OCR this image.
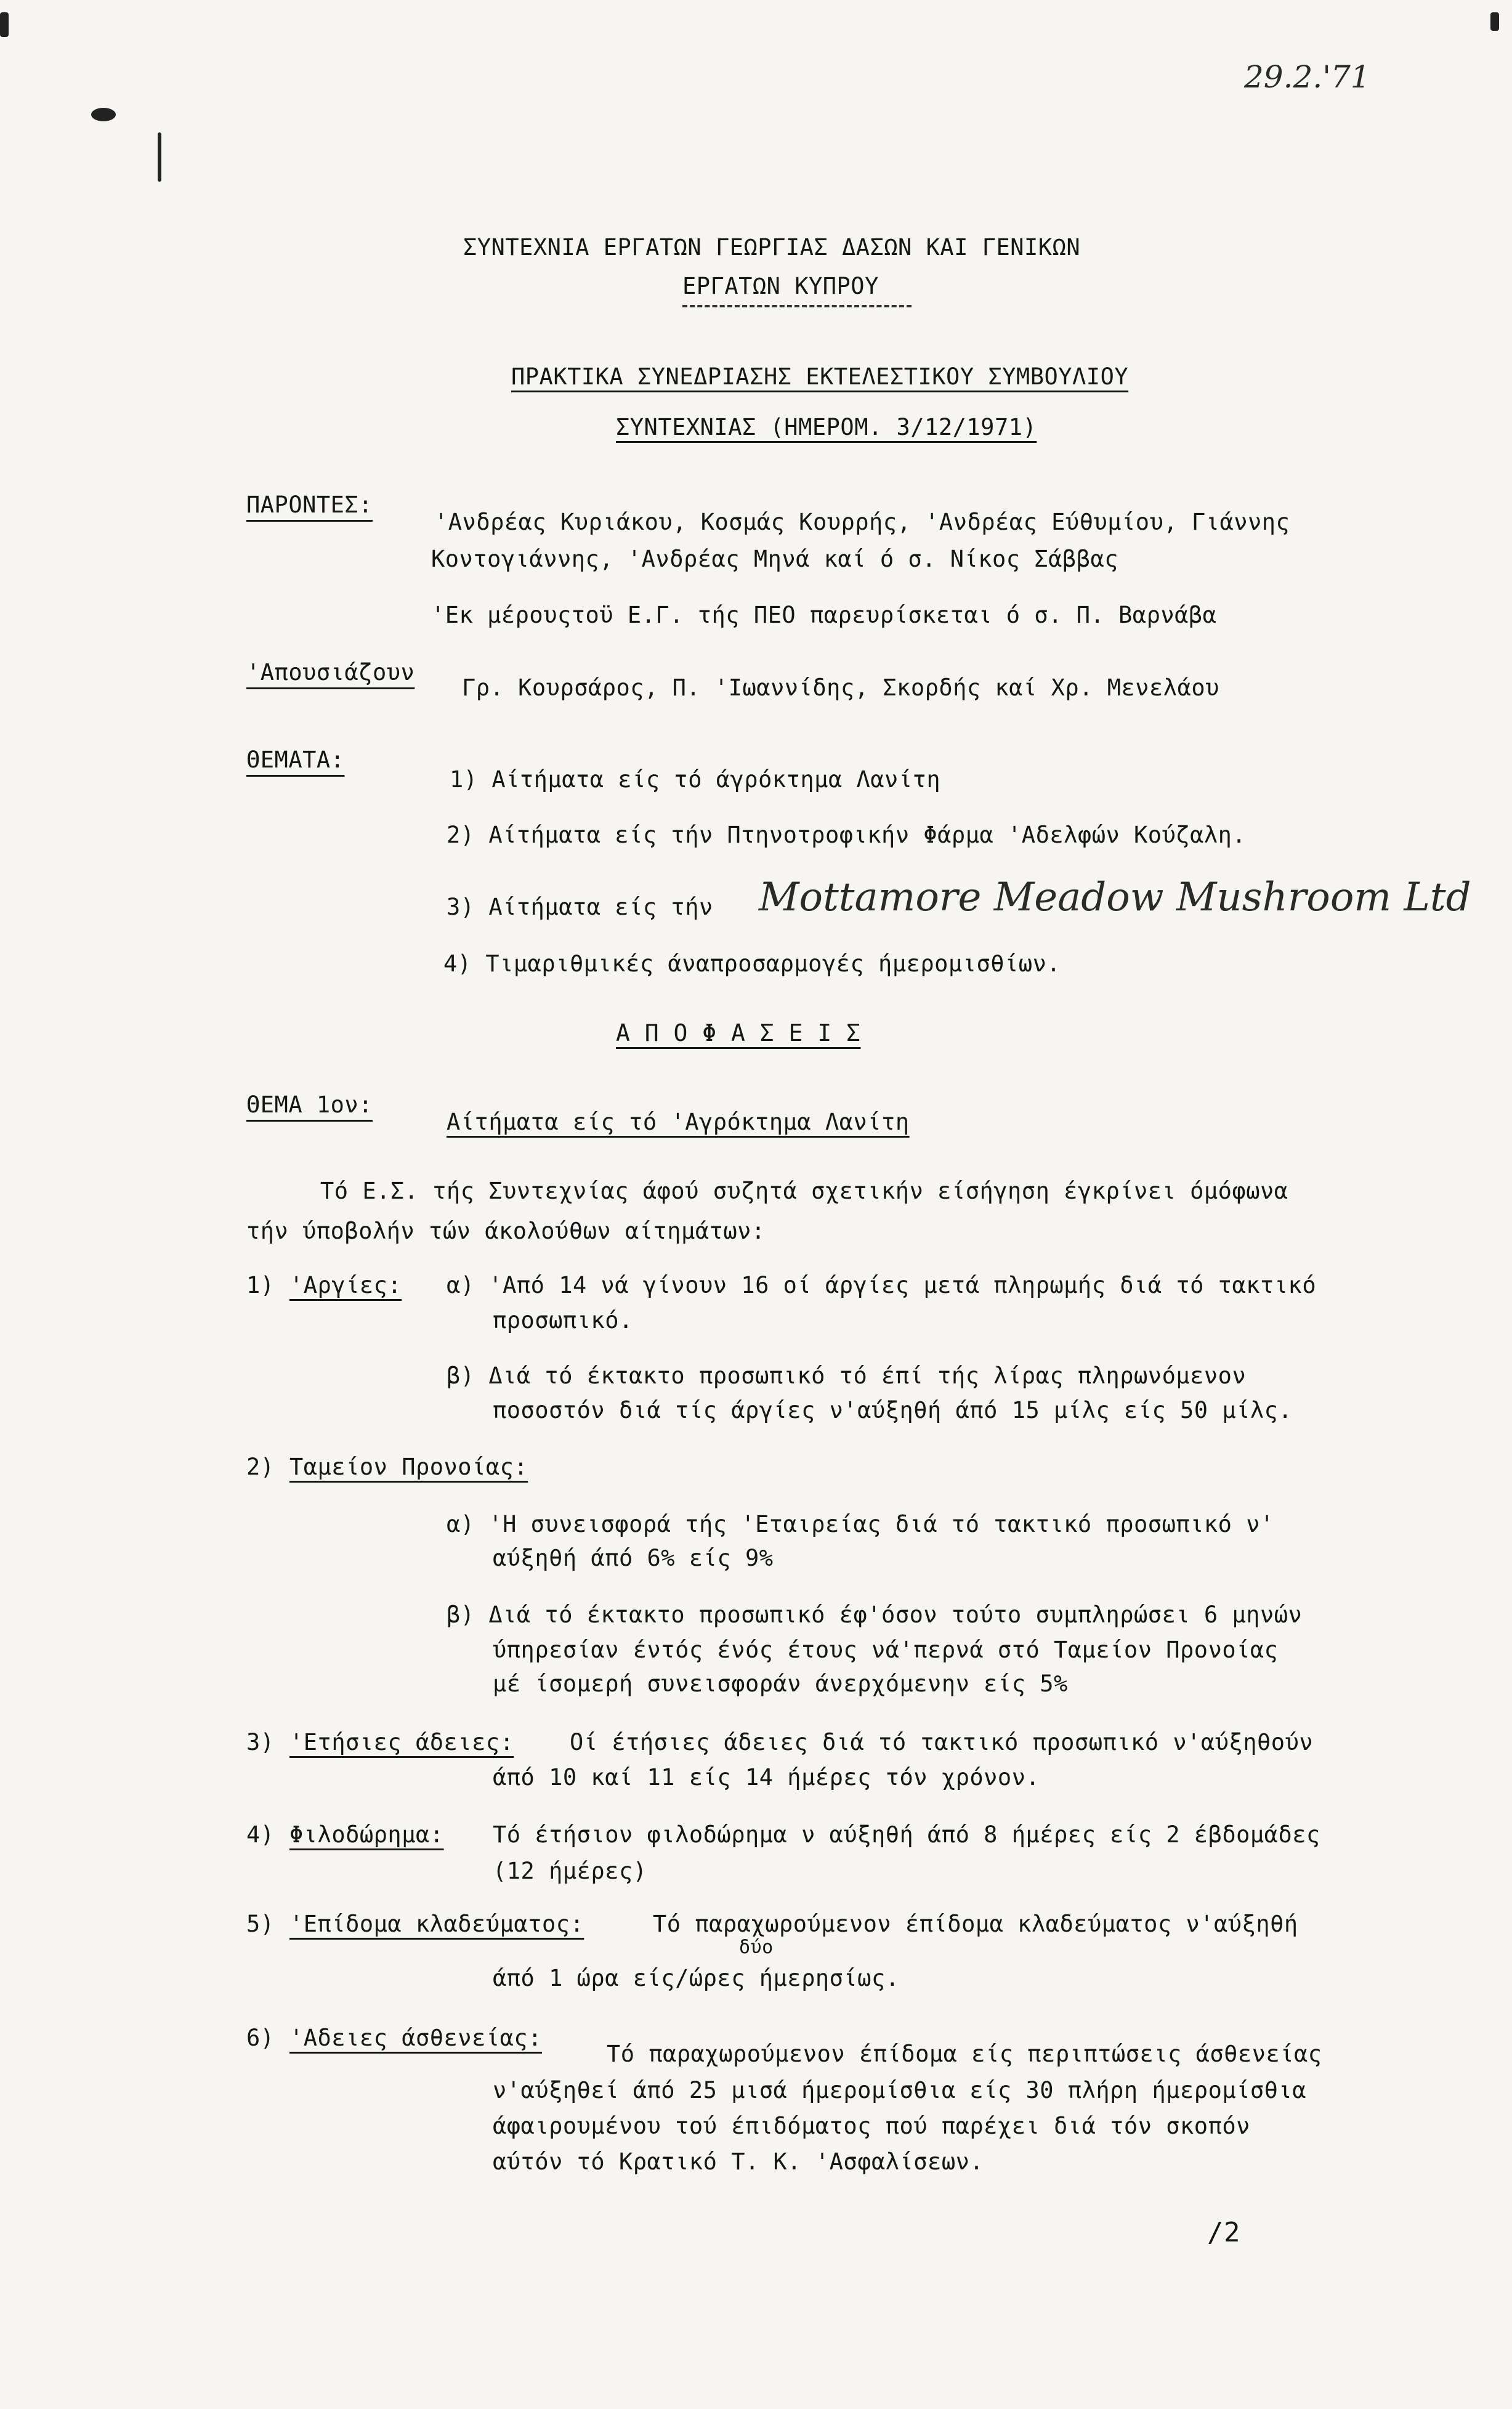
29.2.'71
ΣΥΝΤΕΧΝΙΑ ΕΡΓΑΤΩΝ ΓΕΩΡΓΙΑΣ ΔΑΣΩΝ ΚΑΙ ΓΕΝΙΚΩΝ
ΕΡΓΑΤΩΝ ΚΥΠΡΟΥ
ΠΡΑΚΤΙΚΑ ΣΥΝΕΔΡΙΑΣΗΣ ΕΚΤΕΛΕΣΤΙΚΟΥ ΣΥΜΒΟΥΛΙΟΥ
ΣΥΝΤΕΧΝΙΑΣ (ΗΜΕΡΟΜ. 3/12/1971)
ΠΑΡΟΝΤΕΣ:
'Ανδρέας Κυριάκου, Κοσμάς Κουρρής, 'Ανδρέας Εύθυμίου, Γιάννης
Κοντογιάννης, 'Ανδρέας Μηνά καί ό σ. Νίκος Σάββας
'Εκ μέρουςτοϋ Ε.Γ. τής ΠΕΟ παρευρίσκεται ό σ. Π. Βαρνάβα
'Απουσιάζουν
Γρ. Κουρσάρος, Π. 'Ιωαννίδης, Σκορδής καί Χρ. Μενελάου
ΘΕΜΑΤΑ:
1) Αίτήματα είς τό άγρόκτημα Λανίτη
2) Αίτήματα είς τήν Πτηνοτροφικήν Φάρμα 'Αδελφών Κούζαλη.
3) Αίτήματα είς τήν Mottamore Meadow Mushroom Ltd
4) Τιμαριθμικές άναπροσαρμογές ήμερομισθίων.
Α Π Ο Φ Α Σ Ε Ι Σ
ΘΕΜΑ 1ον:
Αίτήματα είς τό 'Αγρόκτημα Λανίτη
Τό Ε.Σ. τής Συντεχνίας άφού συζητά σχετικήν είσήγηση έγκρίνει όμόφωνα
τήν ύποβολήν τών άκολούθων αίτημάτων:
1) 'Αργίες: α) 'Από 14 νά γίνουν 16 οί άργίες μετά πληρωμής διά τό τακτικό
προσωπικό.
β) Διά τό έκτακτο προσωπικό τό έπί τής λίρας πληρωνόμενον
ποσοστόν διά τίς άργίες ν'αύξηθή άπό 15 μίλς είς 50 μίλς.
2) Ταμείον Προνοίας:
α) 'Η συνεισφορά τής 'Εταιρείας διά τό τακτικό προσωπικό ν'
αύξηθή άπό 6% είς 9%
β) Διά τό έκτακτο προσωπικό έφ'όσον τούτο συμπληρώσει 6 μηνών
ύπηρεσίαν έντός ένός έτους νά'περνά στό Ταμείον Προνοίας
μέ ίσομερή συνεισφοράν άνερχόμενην είς 5%
3) 'Ετήσιες άδειες: Οί έτήσιες άδειες διά τό τακτικό προσωπικό ν'αύξηθούν
άπό 10 καί 11 είς 14 ήμέρες τόν χρόνον.
4) Φιλοδώρημα: Τό έτήσιον φιλοδώρημα ν αύξηθή άπό 8 ήμέρες είς 2 έβδομάδες
(12 ήμέρες)
5) 'Επίδομα κλαδεύματος:	Τό παραχωρούμενον έπίδομα κλαδεύματος ν'αύξηθή
δύο
άπό 1 ώρα είς/ώρες ήμερησίως.
6) 'Αδειες άσθενείας:
Τό παραχωρούμενον έπίδομα είς περιπτώσεις άσθενείας
ν'αύξηθεί άπό 25 μισά ήμερομίσθια είς 30 πλήρη ήμερομίσθια
άφαιρουμένου τού έπιδόματος πού παρέχει διά τόν σκοπόν
αύτόν τό Κρατικό Τ. Κ. 'Ασφαλίσεων.
/2
